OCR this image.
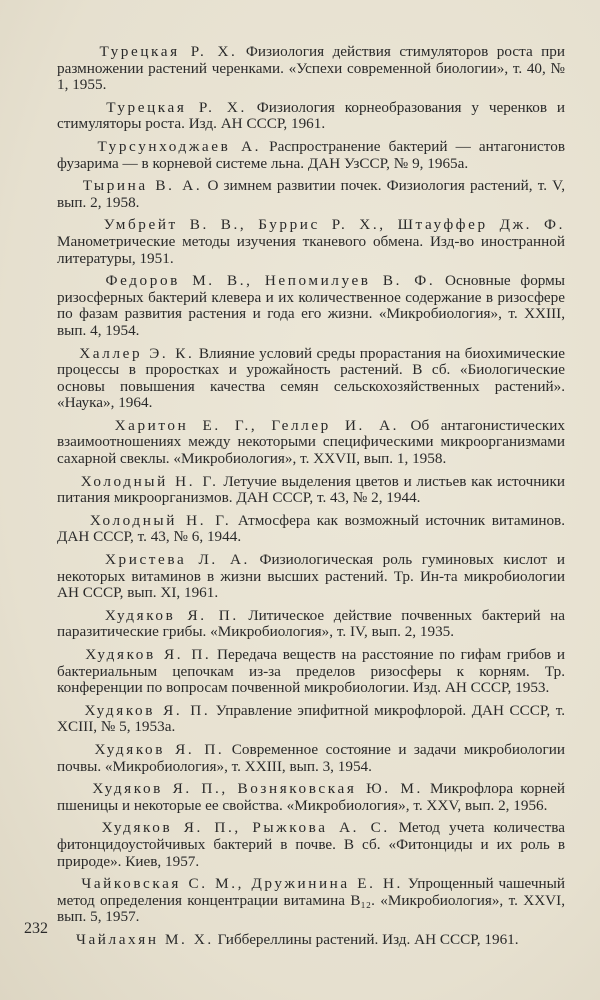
Турецкая Р. Х. Физиология действия стимуляторов роста при размножении растений черенками. «Успехи современной биологии», т. 40, № 1, 1955.

Турецкая Р. Х. Физиология корнеобразования у черенков и стимуляторы роста. Изд. АН СССР, 1961.

Турсунходжаев А. Распространение бактерий — антагонистов фузарима — в корневой системе льна. ДАН УзССР, № 9, 1965а.

Тырина В. А. О зимнем развитии почек. Физиология растений, т. V, вып. 2, 1958.

Умбрейт В. В., Буррис Р. Х., Штауффер Дж. Ф. Манометрические методы изучения тканевого обмена. Изд-во иностранной литературы, 1951.

Федоров М. В., Непомилуев В. Ф. Основные формы ризосферных бактерий клевера и их количественное содержание в ризосфере по фазам развития растения и года его жизни. «Микробиология», т. XXIII, вып. 4, 1954.

Халлер Э. К. Влияние условий среды прорастания на биохимические процессы в проростках и урожайность растений. В сб. «Биологические основы повышения качества семян сельскохозяйственных растений». «Наука», 1964.

Харитон Е. Г., Геллер И. А. Об антагонистических взаимоотношениях между некоторыми специфическими микроорганизмами сахарной свеклы. «Микробиология», т. XXVII, вып. 1, 1958.

Холодный Н. Г. Летучие выделения цветов и листьев как источники питания микроорганизмов. ДАН СССР, т. 43, № 2, 1944.

Холодный Н. Г. Атмосфера как возможный источник витаминов. ДАН СССР, т. 43, № 6, 1944.

Христева Л. А. Физиологическая роль гуминовых кислот и некоторых витаминов в жизни высших растений. Тр. Ин-та микробиологии АН СССР, вып. XI, 1961.

Худяков Я. П. Литическое действие почвенных бактерий на паразитические грибы. «Микробиология», т. IV, вып. 2, 1935.

Худяков Я. П. Передача веществ на расстояние по гифам грибов и бактериальным цепочкам из-за пределов ризосферы к корням. Тр. конференции по вопросам почвенной микробиологии. Изд. АН СССР, 1953.

Худяков Я. П. Управление эпифитной микрофлорой. ДАН СССР, т. XCIII, № 5, 1953а.

Худяков Я. П. Современное состояние и задачи микробиологии почвы. «Микробиология», т. XXIII, вып. 3, 1954.

Худяков Я. П., Возняковская Ю. М. Микрофлора корней пшеницы и некоторые ее свойства. «Микробиология», т. XXV, вып. 2, 1956.

Худяков Я. П., Рыжкова А. С. Метод учета количества фитонцидоустойчивых бактерий в почве. В сб. «Фитонциды и их роль в природе». Киев, 1957.

Чайковская С. М., Дружинина Е. Н. Упрощенный чашечный метод определения концентрации витамина B₁₂. «Микробиология», т. XXVI, вып. 5, 1957.

Чайлахян М. Х. Гиббереллины растений. Изд. АН СССР, 1961.

232
